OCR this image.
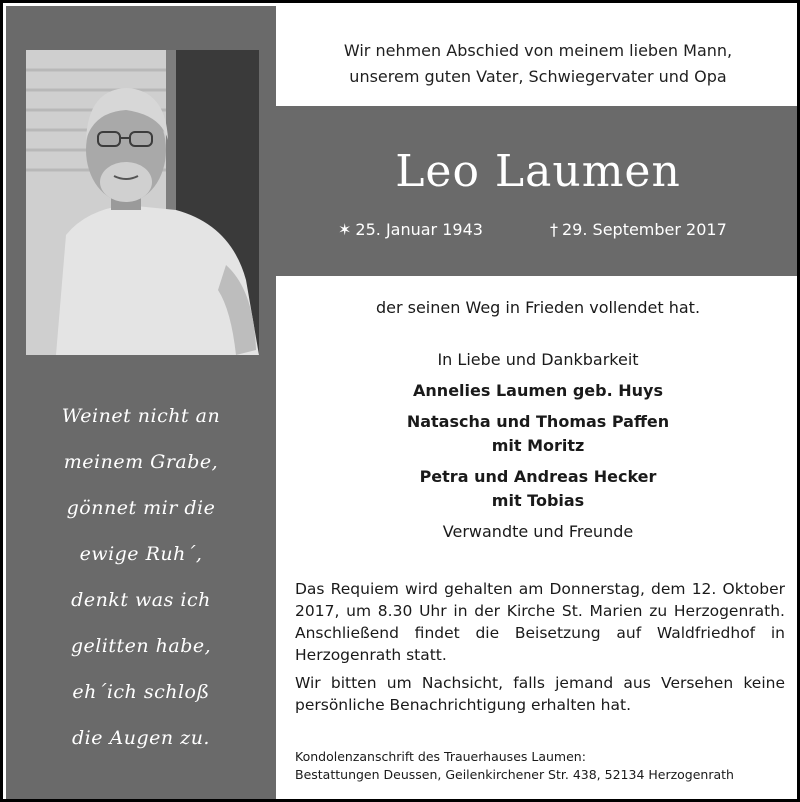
Weinet nicht an
meinem Grabe,
gönnet mir die
ewige Ruh´,
denkt was ich
gelitten habe,
eh´ich schloß
die Augen zu.
Wir nehmen Abschied von meinem lieben Mann,
unserem guten Vater, Schwiegervater und Opa
Leo Laumen
✶ 25. Januar 1943	† 29. September 2017
der seinen Weg in Frieden vollendet hat.
In Liebe und Dankbarkeit
Annelies Laumen geb. Huys
Natascha und Thomas Paffen
mit Moritz
Petra und Andreas Hecker
mit Tobias
Verwandte und Freunde

Das Requiem wird gehalten am Donnerstag, dem 12. Oktober 2017, um 8.30 Uhr in der Kirche St. Marien zu Herzogenrath. Anschließend findet die Beisetzung auf Waldfriedhof in Herzogenrath statt.

Wir bitten um Nachsicht, falls jemand aus Versehen keine persönliche Benachrichtigung erhalten hat.

Kondolenzanschrift des Trauerhauses Laumen:
Bestattungen Deussen, Geilenkirchener Str. 438, 52134 Herzogenrath
